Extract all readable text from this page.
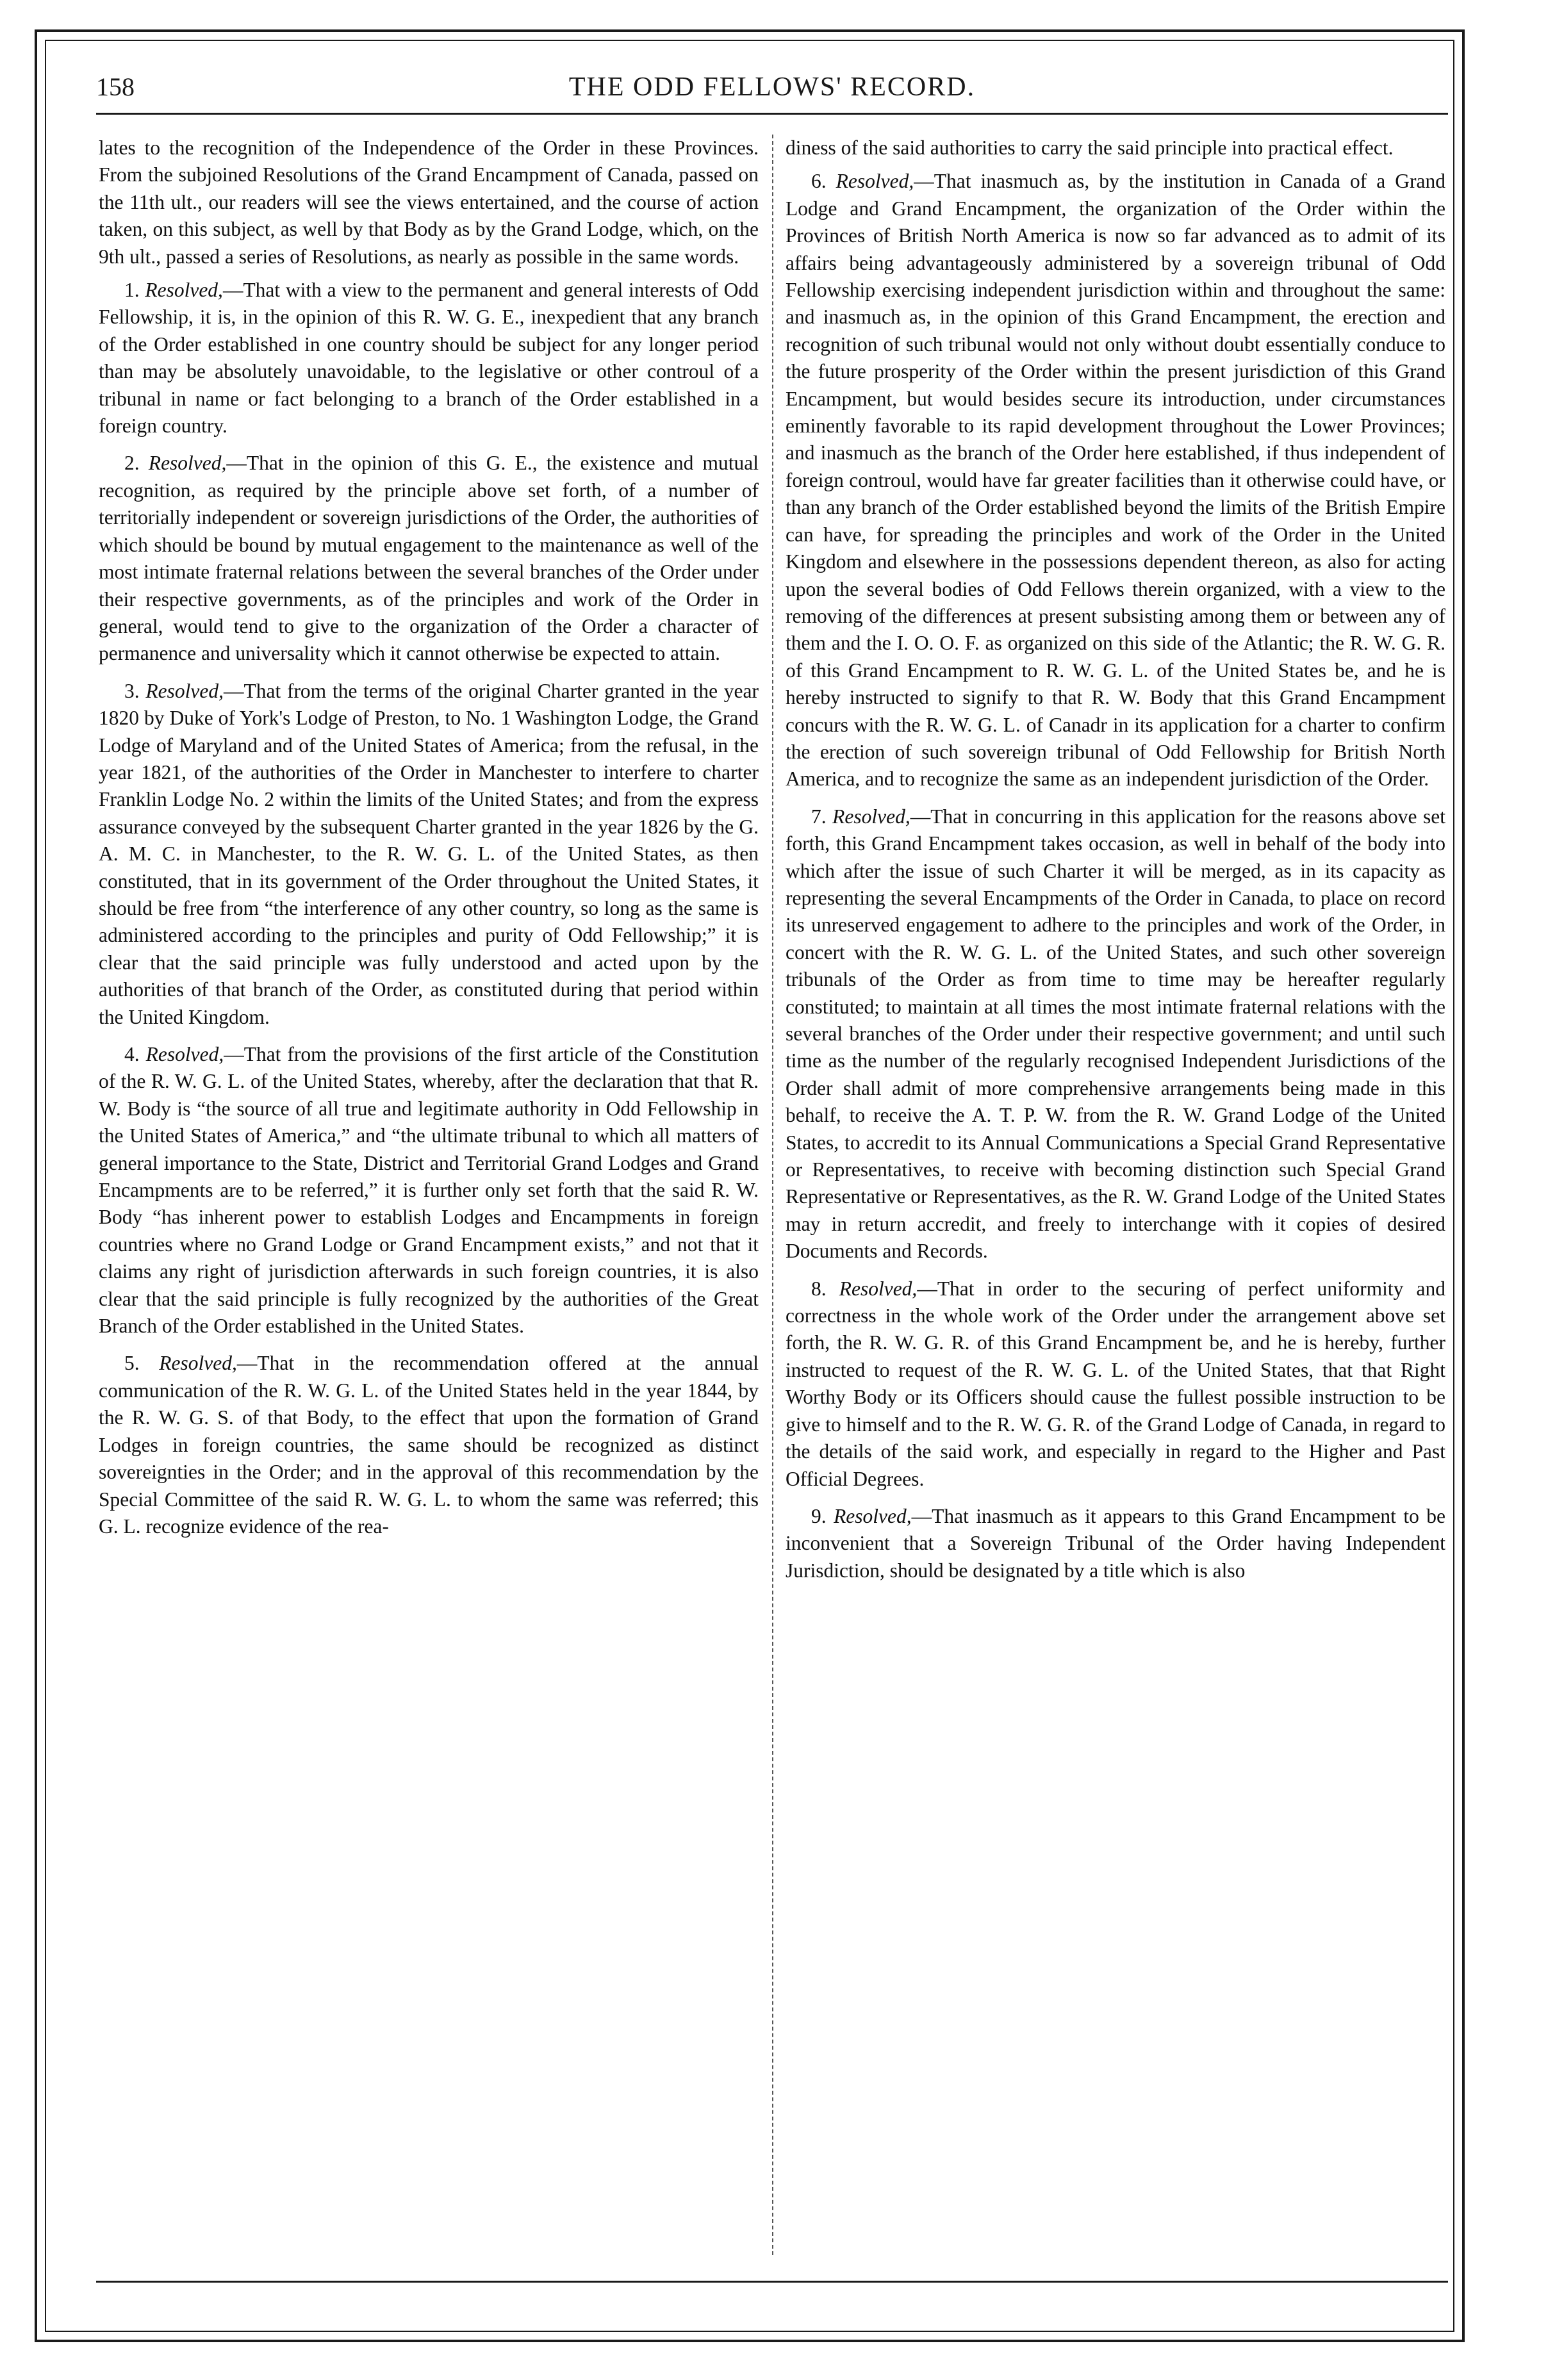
158	THE ODD FELLOWS' RECORD.

lates to the recognition of the Independence of the Order in these Provinces. From the subjoined Resolutions of the Grand Encampment of Canada, passed on the 11th ult., our readers will see the views entertained, and the course of action taken, on this subject, as well by that Body as by the Grand Lodge, which, on the 9th ult., passed a series of Resolutions, as nearly as possible in the same words.

1. Resolved,—That with a view to the permanent and general interests of Odd Fellowship, it is, in the opinion of this R. W. G. E., inexpedient that any branch of the Order established in one country should be subject for any longer period than may be absolutely unavoidable, to the legislative or other controul of a tribunal in name or fact belonging to a branch of the Order established in a foreign country.

2. Resolved,—That in the opinion of this G. E., the existence and mutual recognition, as required by the principle above set forth, of a number of territorially independent or sovereign jurisdictions of the Order, the authorities of which should be bound by mutual engagement to the maintenance as well of the most intimate fraternal relations between the several branches of the Order under their respective governments, as of the principles and work of the Order in general, would tend to give to the organization of the Order a character of permanence and universality which it cannot otherwise be expected to attain.

3. Resolved,—That from the terms of the original Charter granted in the year 1820 by Duke of York's Lodge of Preston, to No. 1 Washington Lodge, the Grand Lodge of Maryland and of the United States of America; from the refusal, in the year 1821, of the authorities of the Order in Manchester to interfere to charter Franklin Lodge No. 2 within the limits of the United States; and from the express assurance conveyed by the subsequent Charter granted in the year 1826 by the G. A. M. C. in Manchester, to the R. W. G. L. of the United States, as then constituted, that in its government of the Order throughout the United States, it should be free from “the interference of any other country, so long as the same is administered according to the principles and purity of Odd Fellowship;” it is clear that the said principle was fully understood and acted upon by the authorities of that branch of the Order, as constituted during that period within the United Kingdom.

4. Resolved,—That from the provisions of the first article of the Constitution of the R. W. G. L. of the United States, whereby, after the declaration that that R. W. Body is “the source of all true and legitimate authority in Odd Fellowship in the United States of America,” and “the ultimate tribunal to which all matters of general importance to the State, District and Territorial Grand Lodges and Grand Encampments are to be referred,” it is further only set forth that the said R. W. Body “has inherent power to establish Lodges and Encampments in foreign countries where no Grand Lodge or Grand Encampment exists,” and not that it claims any right of jurisdiction afterwards in such foreign countries, it is also clear that the said principle is fully recognized by the authorities of the Great Branch of the Order established in the United States.

5. Resolved,—That in the recommendation offered at the annual communication of the R. W. G. L. of the United States held in the year 1844, by the R. W. G. S. of that Body, to the effect that upon the formation of Grand Lodges in foreign countries, the same should be recognized as distinct sovereignties in the Order; and in the approval of this recommendation by the Special Committee of the said R. W. G. L. to whom the same was referred; this G. L. recognize evidence of the rea-

diness of the said authorities to carry the said principle into practical effect.

6. Resolved,—That inasmuch as, by the institution in Canada of a Grand Lodge and Grand Encampment, the organization of the Order within the Provinces of British North America is now so far advanced as to admit of its affairs being advantageously administered by a sovereign tribunal of Odd Fellowship exercising independent jurisdiction within and throughout the same: and inasmuch as, in the opinion of this Grand Encampment, the erection and recognition of such tribunal would not only without doubt essentially conduce to the future prosperity of the Order within the present jurisdiction of this Grand Encampment, but would besides secure its introduction, under circumstances eminently favorable to its rapid development throughout the Lower Provinces; and inasmuch as the branch of the Order here established, if thus independent of foreign controul, would have far greater facilities than it otherwise could have, or than any branch of the Order established beyond the limits of the British Empire can have, for spreading the principles and work of the Order in the United Kingdom and elsewhere in the possessions dependent thereon, as also for acting upon the several bodies of Odd Fellows therein organized, with a view to the removing of the differences at present subsisting among them or between any of them and the I. O. O. F. as organized on this side of the Atlantic; the R. W. G. R. of this Grand Encampment to R. W. G. L. of the United States be, and he is hereby instructed to signify to that R. W. Body that this Grand Encampment concurs with the R. W. G. L. of Canadr in its application for a charter to confirm the erection of such sovereign tribunal of Odd Fellowship for British North America, and to recognize the same as an independent jurisdiction of the Order.

7. Resolved,—That in concurring in this application for the reasons above set forth, this Grand Encampment takes occasion, as well in behalf of the body into which after the issue of such Charter it will be merged, as in its capacity as representing the several Encampments of the Order in Canada, to place on record its unreserved engagement to adhere to the principles and work of the Order, in concert with the R. W. G. L. of the United States, and such other sovereign tribunals of the Order as from time to time may be hereafter regularly constituted; to maintain at all times the most intimate fraternal relations with the several branches of the Order under their respective government; and until such time as the number of the regularly recognised Independent Jurisdictions of the Order shall admit of more comprehensive arrangements being made in this behalf, to receive the A. T. P. W. from the R. W. Grand Lodge of the United States, to accredit to its Annual Communications a Special Grand Representative or Representatives, to receive with becoming distinction such Special Grand Representative or Representatives, as the R. W. Grand Lodge of the United States may in return accredit, and freely to interchange with it copies of desired Documents and Records.

8. Resolved,—That in order to the securing of perfect uniformity and correctness in the whole work of the Order under the arrangement above set forth, the R. W. G. R. of this Grand Encampment be, and he is hereby, further instructed to request of the R. W. G. L. of the United States, that that Right Worthy Body or its Officers should cause the fullest possible instruction to be give to himself and to the R. W. G. R. of the Grand Lodge of Canada, in regard to the details of the said work, and especially in regard to the Higher and Past Official Degrees.

9. Resolved,—That inasmuch as it appears to this Grand Encampment to be inconvenient that a Sovereign Tribunal of the Order having Independent Jurisdiction, should be designated by a title which is also
